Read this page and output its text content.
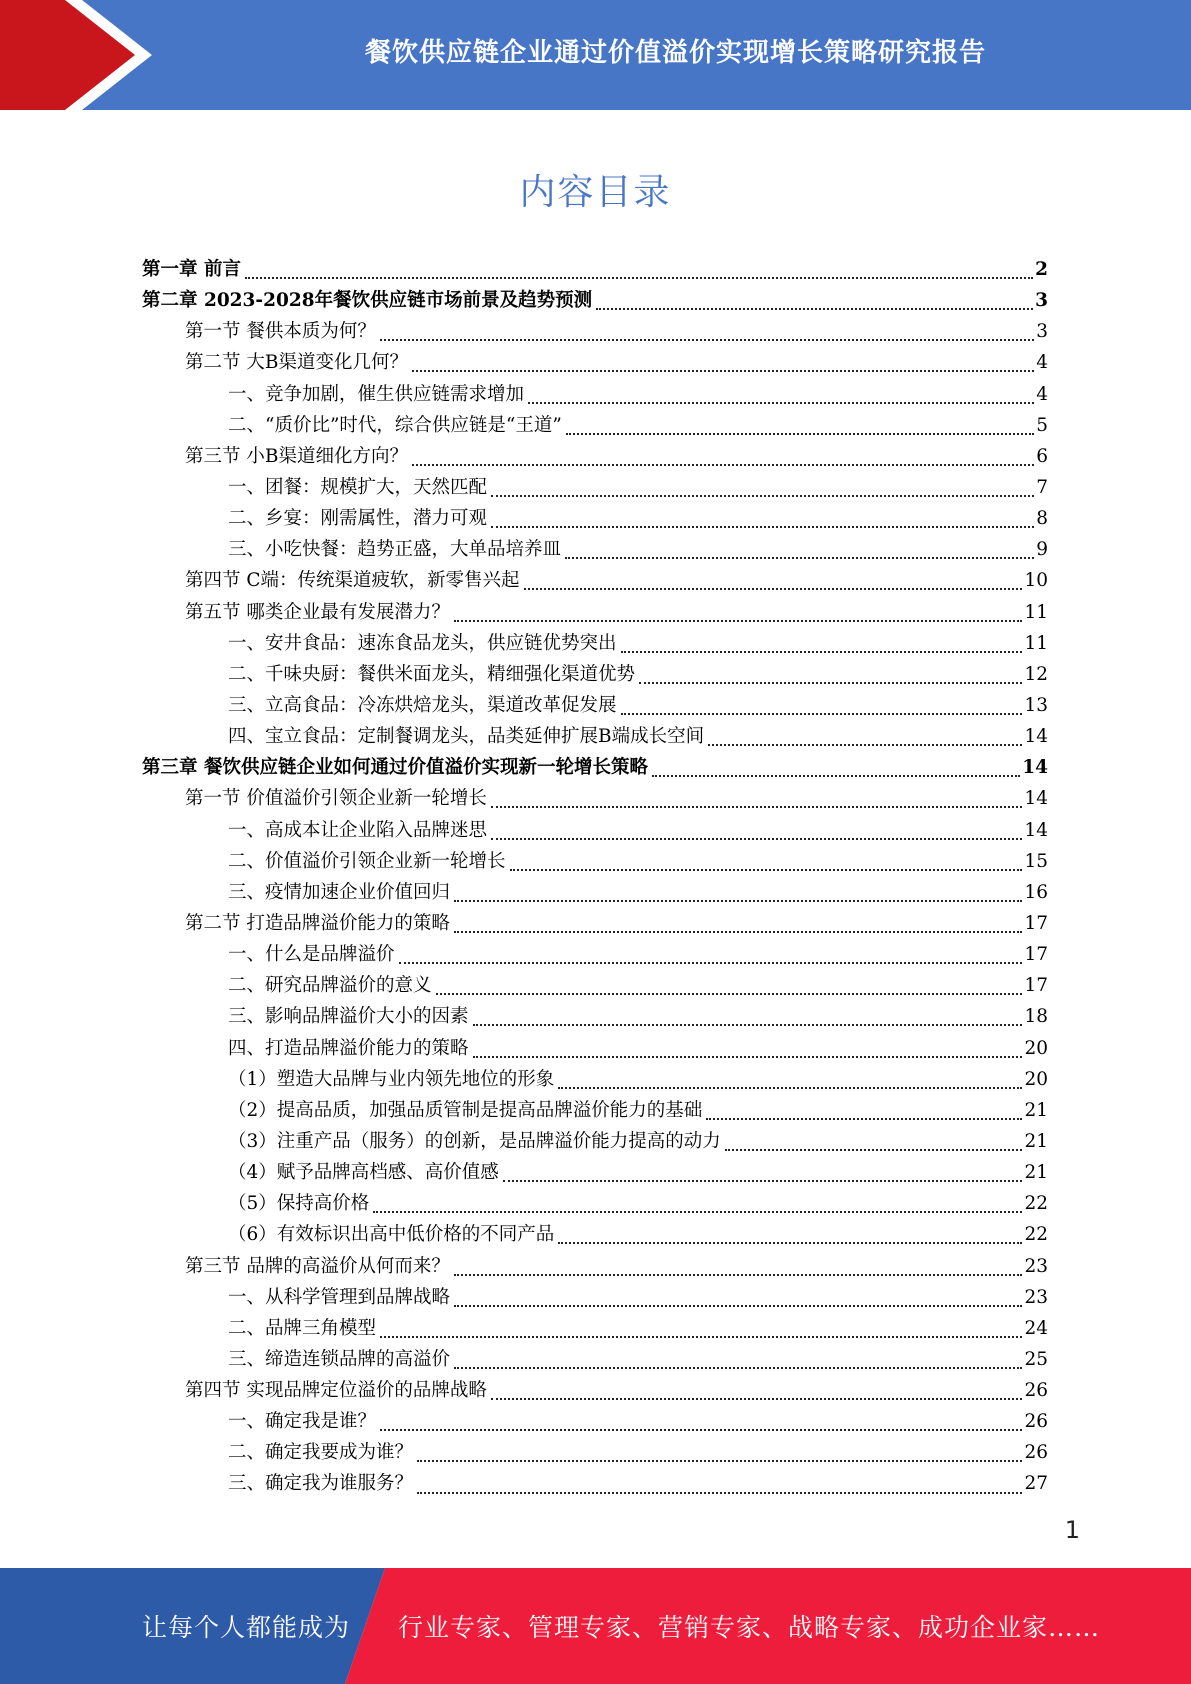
餐饮供应链企业通过价值溢价实现增长策略研究报告
内容目录
第一章 前言	2
第二章 2023-2028年餐饮供应链市场前景及趋势预测	3
第一节 餐供本质为何？	3
第二节 大B渠道变化几何？	4
一、竞争加剧，催生供应链需求增加	4
二、“质价比”时代，综合供应链是“王道”	5
第三节 小B渠道细化方向？	6
一、团餐：规模扩大，天然匹配	7
二、乡宴：刚需属性，潜力可观	8
三、小吃快餐：趋势正盛，大单品培养皿	9
第四节 C端：传统渠道疲软，新零售兴起	10
第五节 哪类企业最有发展潜力？	11
一、安井食品：速冻食品龙头，供应链优势突出	11
二、千味央厨：餐供米面龙头，精细强化渠道优势	12
三、立高食品：冷冻烘焙龙头，渠道改革促发展	13
四、宝立食品：定制餐调龙头，品类延伸扩展B端成长空间	14
第三章 餐饮供应链企业如何通过价值溢价实现新一轮增长策略	14
第一节 价值溢价引领企业新一轮增长	14
一、高成本让企业陷入品牌迷思	14
二、价值溢价引领企业新一轮增长	15
三、疫情加速企业价值回归	16
第二节 打造品牌溢价能力的策略	17
一、什么是品牌溢价	17
二、研究品牌溢价的意义	17
三、影响品牌溢价大小的因素	18
四、打造品牌溢价能力的策略	20
（1）塑造大品牌与业内领先地位的形象	20
（2）提高品质，加强品质管制是提高品牌溢价能力的基础	21
（3）注重产品（服务）的创新，是品牌溢价能力提高的动力	21
（4）赋予品牌高档感、高价值感	21
（5）保持高价格	22
（6）有效标识出高中低价格的不同产品	22
第三节 品牌的高溢价从何而来？	23
一、从科学管理到品牌战略	23
二、品牌三角模型	24
三、缔造连锁品牌的高溢价	25
第四节 实现品牌定位溢价的品牌战略	26
一、确定我是谁？	26
二、确定我要成为谁？	26
三、确定我为谁服务？	27
1
让每个人都能成为 行业专家、管理专家、营销专家、战略专家、成功企业家……
